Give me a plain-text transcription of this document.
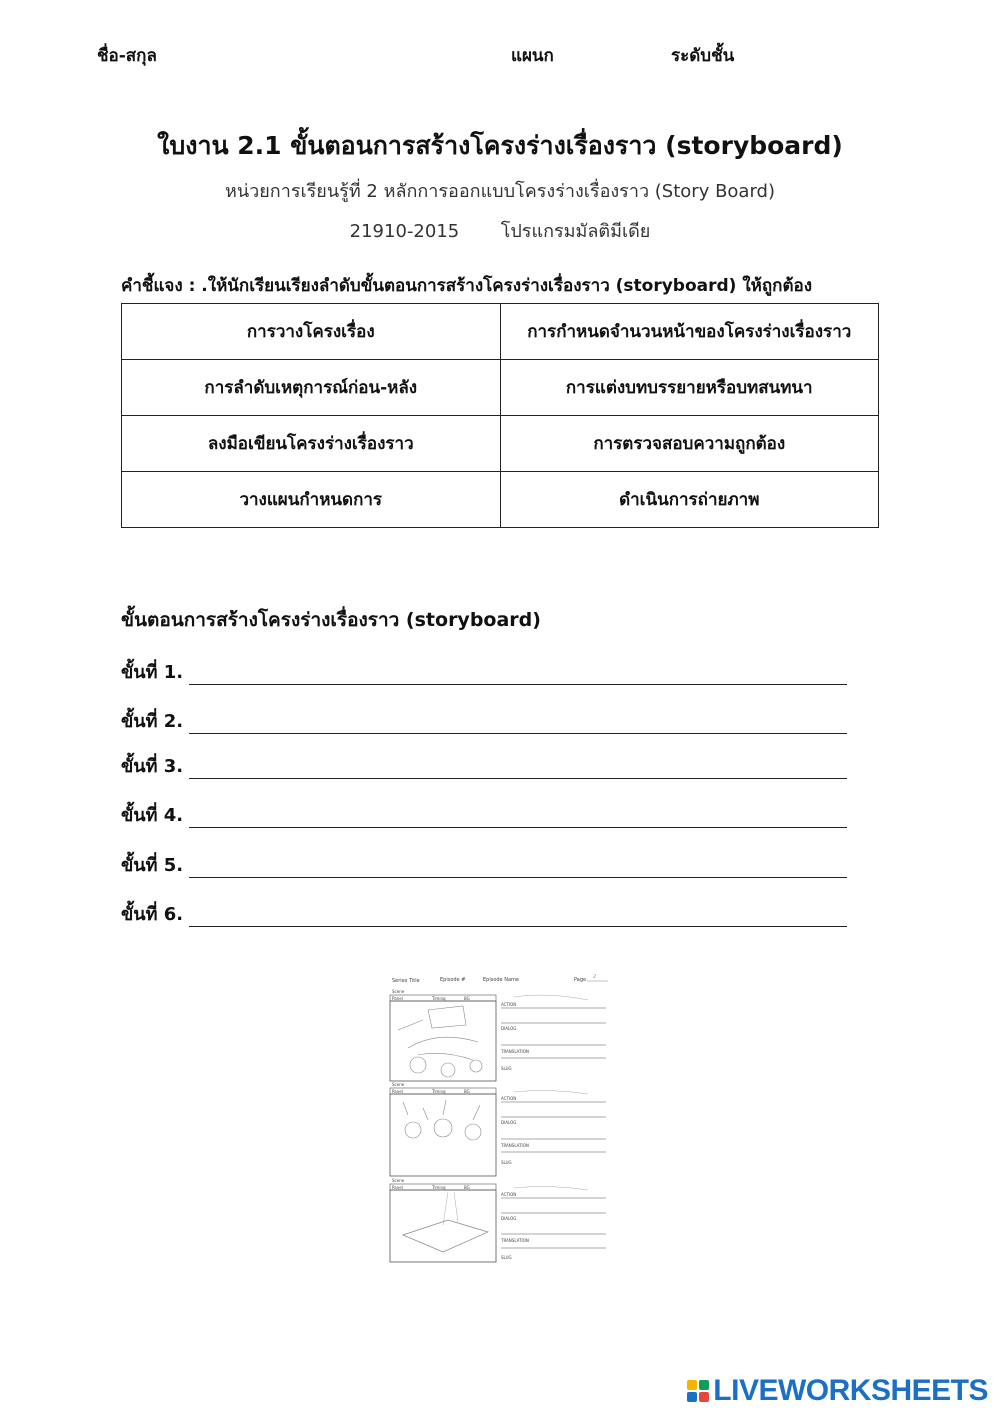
ชื่อ-สกุล	แผนก	ระดับชั้น
ใบงาน 2.1 ขั้นตอนการสร้างโครงร่างเรื่องราว (storyboard)
หน่วยการเรียนรู้ที่ 2 หลักการออกแบบโครงร่างเรื่องราว (Story Board)
21910-2015 โปรแกรมมัลติมีเดีย
คำชี้แจง : .ให้นักเรียนเรียงลำดับขั้นตอนการสร้างโครงร่างเรื่องราว (storyboard) ให้ถูกต้อง
การวางโครงเรื่อง	การกำหนดจำนวนหน้าของโครงร่างเรื่องราว
การลำดับเหตุการณ์ก่อน-หลัง	การแต่งบทบรรยายหรือบทสนทนา
ลงมือเขียนโครงร่างเรื่องราว	การตรวจสอบความถูกต้อง
วางแผนกำหนดการ	ดำเนินการถ่ายภาพ
ขั้นตอนการสร้างโครงร่างเรื่องราว (storyboard)
ขั้นที่ 1.
ขั้นที่ 2.
ขั้นที่ 3.
ขั้นที่ 4.
ขั้นที่ 5.
ขั้นที่ 6.
Series Title	Episode #	Episode Name	Page 2
Scene
Panel	Timing	BG
ACTION
DIALOG
TRANSLATION
SLUG
Scene
Panel	Timing	BG
ACTION
DIALOG
TRANSLATION
SLUG
Scene
Panel	Timing	BG
ACTION
DIALOG
TRANSLATION
SLUG
LIVEWORKSHEETS
